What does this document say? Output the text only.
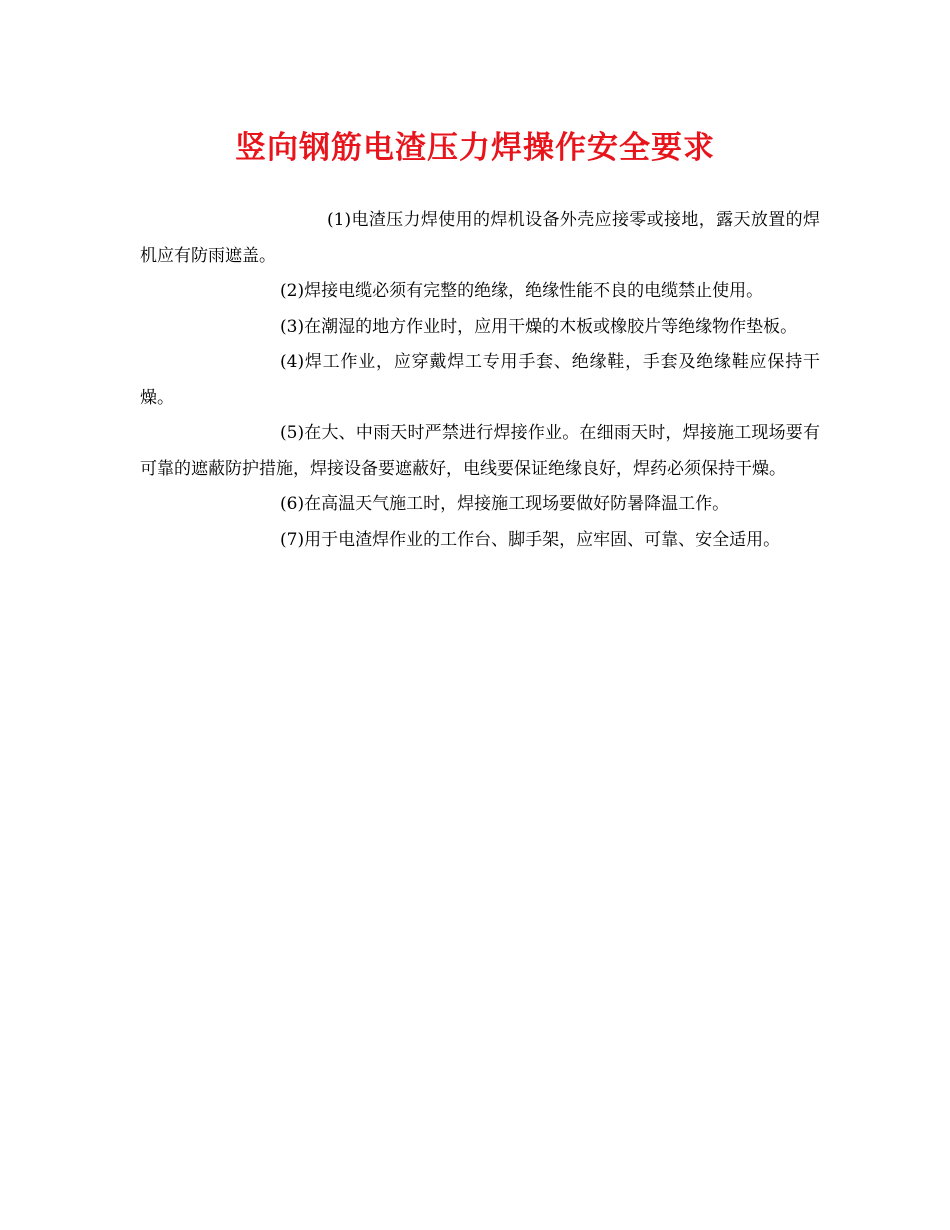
竖向钢筋电渣压力焊操作安全要求

(1)电渣压力焊使用的焊机设备外壳应接零或接地，露天放置的焊机应有防雨遮盖。

(2)焊接电缆必须有完整的绝缘，绝缘性能不良的电缆禁止使用。

(3)在潮湿的地方作业时，应用干燥的木板或橡胶片等绝缘物作垫板。

(4)焊工作业，应穿戴焊工专用手套、绝缘鞋，手套及绝缘鞋应保持干燥。

(5)在大、中雨天时严禁进行焊接作业。在细雨天时，焊接施工现场要有可靠的遮蔽防护措施，焊接设备要遮蔽好，电线要保证绝缘良好，焊药必须保持干燥。

(6)在高温天气施工时，焊接施工现场要做好防暑降温工作。

(7)用于电渣焊作业的工作台、脚手架，应牢固、可靠、安全适用。
